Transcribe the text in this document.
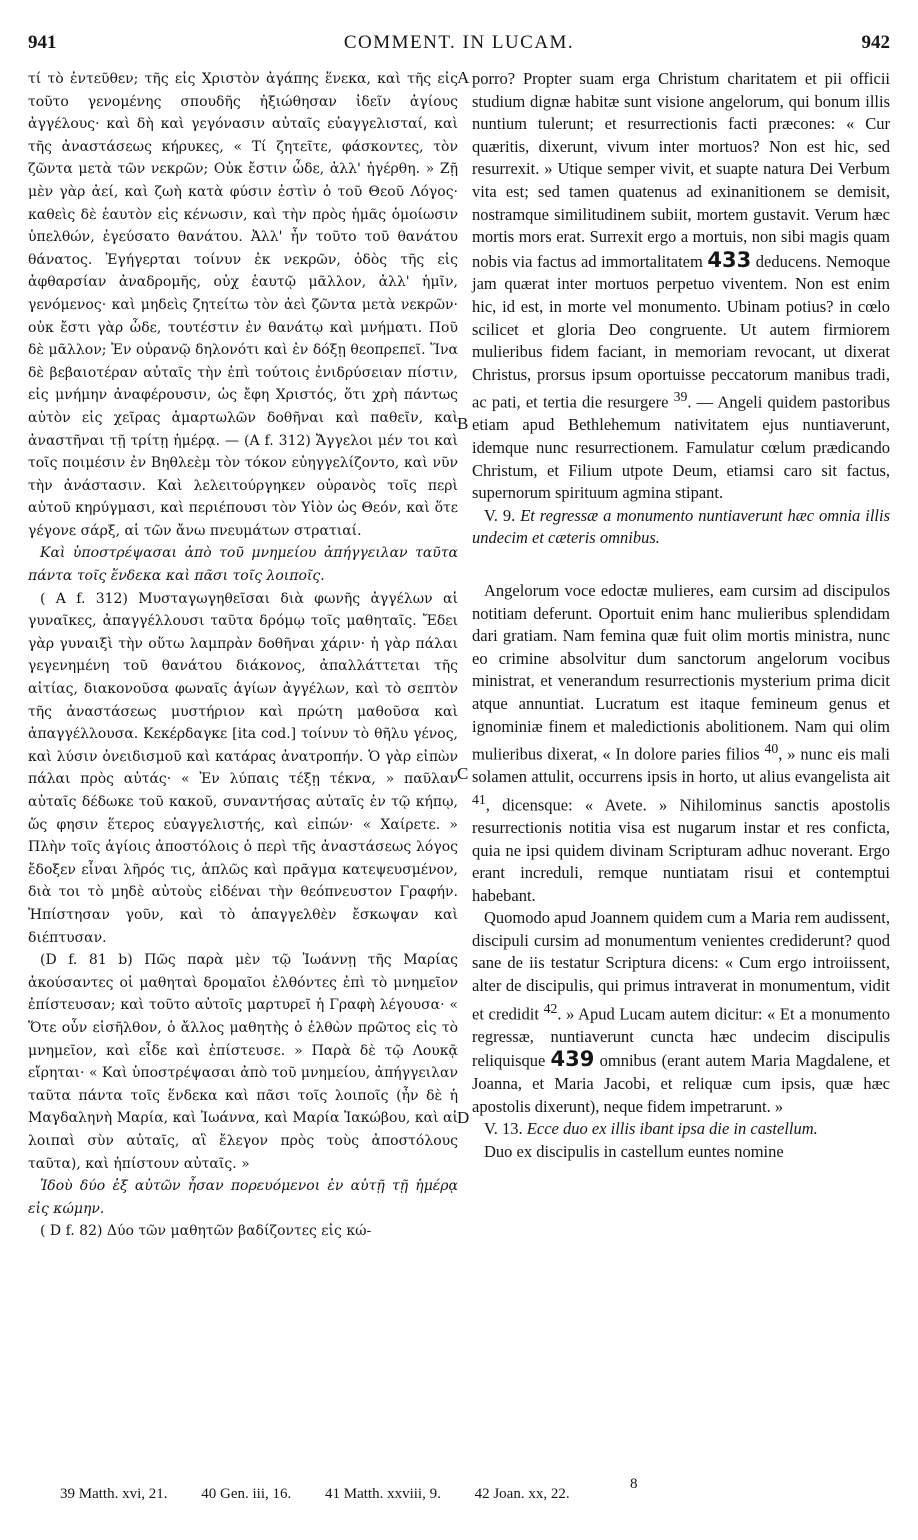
941	COMMENT. IN LUCAM.	942

τί τὸ ἐντεῦθεν; τῆς εἰς Χριστὸν ἀγάπης ἕνεκα, καὶ τῆς εἰς τοῦτο γενομένης σπουδῆς ἠξιώθησαν ἰδεῖν ἁγίους ἀγγέλους· καὶ δὴ καὶ γεγόνασιν αὐταῖς εὐαγγελισταί, καὶ τῆς ἀναστάσεως κήρυκες, « Τί ζητεῖτε, φάσκοντες, τὸν ζῶντα μετὰ τῶν νεκρῶν; Οὐκ ἔστιν ὧδε, ἀλλ' ἠγέρθη. » Ζῇ μὲν γὰρ ἀεί, καὶ ζωὴ κατὰ φύσιν ἐστὶν ὁ τοῦ Θεοῦ Λόγος· καθεὶς δὲ ἑαυτὸν εἰς κένωσιν, καὶ τὴν πρὸς ἡμᾶς ὁμοίωσιν ὑπελθών, ἐγεύσατο θανάτου. Ἀλλ' ἦν τοῦτο τοῦ θανάτου θάνατος. Ἐγήγερται τοίνυν ἐκ νεκρῶν, ὁδὸς τῆς εἰς ἀφθαρσίαν ἀναδρομῆς, οὐχ ἑαυτῷ μᾶλλον, ἀλλ' ἡμῖν, γενόμενος· καὶ μηδεὶς ζητείτω τὸν ἀεὶ ζῶντα μετὰ νεκρῶν· οὐκ ἔστι γὰρ ὧδε, τουτέστιν ἐν θανάτῳ καὶ μνήματι. Ποῦ δὲ μᾶλλον; Ἐν οὐρανῷ δηλονότι καὶ ἐν δόξῃ θεοπρεπεῖ. Ἵνα δὲ βεβαιοτέραν αὐταῖς τὴν ἐπὶ τούτοις ἐνιδρύσειαν πίστιν, εἰς μνήμην ἀναφέρουσιν, ὡς ἔφη Χριστός, ὅτι χρὴ πάντως αὐτὸν εἰς χεῖρας ἁμαρτωλῶν δοθῆναι καὶ παθεῖν, καὶ ἀναστῆναι τῇ τρίτῃ ἡμέρᾳ. — (A f. 312) Ἄγγελοι μέν τοι καὶ τοῖς ποιμέσιν ἐν Βηθλεὲμ τὸν τόκον εὐηγγελίζοντο, καὶ νῦν τὴν ἀνάστασιν. Καὶ λελειτούργηκεν οὐρανὸς τοῖς περὶ αὐτοῦ κηρύγμασι, καὶ περιέπουσι τὸν Υἱὸν ὡς Θεόν, καὶ ὅτε γέγονε σάρξ, αἱ τῶν ἄνω πνευμάτων στρατιαί.

Καὶ ὑποστρέψασαι ἀπὸ τοῦ μνημείου ἀπήγγειλαν ταῦτα πάντα τοῖς ἕνδεκα καὶ πᾶσι τοῖς λοιποῖς.

( A f. 312) Μυσταγωγηθεῖσαι διὰ φωνῆς ἀγγέλων αἱ γυναῖκες, ἀπαγγέλλουσι ταῦτα δρόμῳ τοῖς μαθηταῖς. Ἔδει γὰρ γυναιξὶ τὴν οὕτω λαμπρὰν δοθῆναι χάριν· ἡ γὰρ πάλαι γεγενημένη τοῦ θανάτου διάκονος, ἀπαλλάττεται τῆς αἰτίας, διακονοῦσα φωναῖς ἁγίων ἀγγέλων, καὶ τὸ σεπτὸν τῆς ἀναστάσεως μυστήριον καὶ πρώτη μαθοῦσα καὶ ἀπαγγέλλουσα. Κεκέρδαγκε [ita cod.] τοίνυν τὸ θῆλυ γένος, καὶ λύσιν ὀνειδισμοῦ καὶ κατάρας ἀνατροπήν. Ὁ γὰρ εἰπὼν πάλαι πρὸς αὐτάς· « Ἐν λύπαις τέξῃ τέκνα, » παῦλαν αὐταῖς δέδωκε τοῦ κακοῦ, συναντήσας αὐταῖς ἐν τῷ κήπῳ, ὥς φησιν ἕτερος εὐαγγελιστής, καὶ εἰπών· « Χαίρετε. » Πλὴν τοῖς ἁγίοις ἀποστόλοις ὁ περὶ τῆς ἀναστάσεως λόγος ἔδοξεν εἶναι λῆρός τις, ἁπλῶς καὶ πρᾶγμα κατεψευσμένον, διὰ τοι τὸ μηδὲ αὐτοὺς εἰδέναι τὴν θεόπνευστον Γραφήν. Ἠπίστησαν γοῦν, καὶ τὸ ἀπαγγελθὲν ἔσκωψαν καὶ διέπτυσαν.

(D f. 81 b) Πῶς παρὰ μὲν τῷ Ἰωάννῃ τῆς Μαρίας ἀκούσαντες οἱ μαθηταὶ δρομαῖοι ἐλθόντες ἐπὶ τὸ μνημεῖον ἐπίστευσαν; καὶ τοῦτο αὐτοῖς μαρτυρεῖ ἡ Γραφὴ λέγουσα· « Ὅτε οὖν εἰσῆλθον, ὁ ἄλλος μαθητὴς ὁ ἐλθὼν πρῶτος εἰς τὸ μνημεῖον, καὶ εἶδε καὶ ἐπίστευσε. » Παρὰ δὲ τῷ Λουκᾷ εἴρηται· « Καὶ ὑποστρέψασαι ἀπὸ τοῦ μνημείου, ἀπήγγειλαν ταῦτα πάντα τοῖς ἕνδεκα καὶ πᾶσι τοῖς λοιποῖς (ἦν δὲ ἡ Μαγδαληνὴ Μαρία, καὶ Ἰωάννα, καὶ Μαρία Ἰακώβου, καὶ αἱ λοιπαὶ σὺν αὐταῖς, αἳ ἔλεγον πρὸς τοὺς ἀποστόλους ταῦτα), καὶ ἠπίστουν αὐταῖς. »

Ἰδοὺ δύο ἐξ αὐτῶν ἦσαν πορευόμενοι ἐν αὐτῇ τῇ ἡμέρᾳ εἰς κώμην.

( D f. 82) Δύο τῶν μαθητῶν βαδίζοντες εἰς κώ-

A
B
C
D

porro? Propter suam erga Christum charitatem et pii officii studium dignæ habitæ sunt visione angelorum, qui bonum illis nuntium tulerunt; et resurrectionis facti præcones: « Cur quæritis, dixerunt, vivum inter mortuos? Non est hic, sed resurrexit. » Utique semper vivit, et suapte natura Dei Verbum vita est; sed tamen quatenus ad exinanitionem se demisit, nostramque similitudinem subiit, mortem gustavit. Verum hæc mortis mors erat. Surrexit ergo a mortuis, non sibi magis quam nobis via factus ad immortalitatem 433 deducens. Nemoque jam quærat inter mortuos perpetuo viventem. Non est enim hic, id est, in morte vel monumento. Ubinam potius? in cœlo scilicet et gloria Deo congruente. Ut autem firmiorem mulieribus fidem faciant, in memoriam revocant, ut dixerat Christus, prorsus ipsum oportuisse peccatorum manibus tradi, ac pati, et tertia die resurgere $^{39}$. — Angeli quidem pastoribus etiam apud Bethlehemum nativitatem ejus nuntiaverunt, idemque nunc resurrectionem. Famulatur cœlum prædicando Christum, et Filium utpote Deum, etiamsi caro sit factus, supernorum spirituum agmina stipant.

V. 9. Et regressæ a monumento nuntiaverunt hæc omnia illis undecim et cæteris omnibus.

Angelorum voce edoctæ mulieres, eam cursim ad discipulos notitiam deferunt. Oportuit enim hanc mulieribus splendidam dari gratiam. Nam femina quæ fuit olim mortis ministra, nunc eo crimine absolvitur dum sanctorum angelorum vocibus ministrat, et venerandum resurrectionis mysterium prima dicit atque annuntiat. Lucratum est itaque femineum genus et ignominiæ finem et maledictionis abolitionem. Nam qui olim mulieribus dixerat, « In dolore paries filios $^{40}$, » nunc eis mali solamen attulit, occurrens ipsis in horto, ut alius evangelista ait $^{41}$, dicensque: « Avete. » Nihilominus sanctis apostolis resurrectionis notitia visa est nugarum instar et res conficta, quia ne ipsi quidem divinam Scripturam adhuc noverant. Ergo erant increduli, remque nuntiatam risui et contemptui habebant.

Quomodo apud Joannem quidem cum a Maria rem audissent, discipuli cursim ad monumentum venientes crediderunt? quod sane de iis testatur Scriptura dicens: « Cum ergo introiissent, alter de discipulis, qui primus intraverat in monumentum, vidit et credidit $^{42}$. » Apud Lucam autem dicitur: « Et a monumento regressæ, nuntiaverunt cuncta hæc undecim discipulis reliquisque 439 omnibus (erant autem Maria Magdalene, et Joanna, et Maria Jacobi, et reliquæ cum ipsis, quæ hæc apostolis dixerunt), neque fidem impetrarunt. »

V. 13. Ecce duo ex illis ibant ipsa die in castellum.

Duo ex discipulis in castellum euntes nomine

8
39 Matth. xvi, 21. 40 Gen. iii, 16. 41 Matth. xxviii, 9. 42 Joan. xx, 22.
